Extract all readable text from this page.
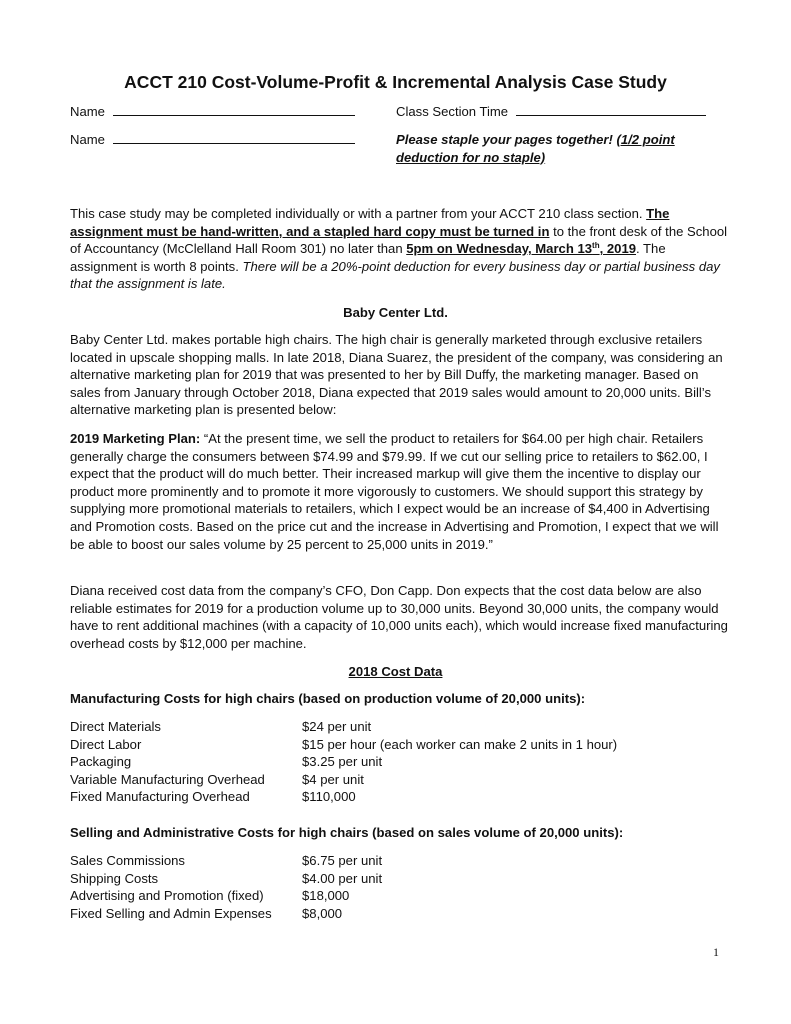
ACCT 210 Cost-Volume-Profit & Incremental Analysis Case Study
Name	Class Section Time
Name	Please staple your pages together! (1/2 point deduction for no staple)
This case study may be completed individually or with a partner from your ACCT 210 class section. The assignment must be hand-written, and a stapled hard copy must be turned in to the front desk of the School of Accountancy (McClelland Hall Room 301) no later than 5pm on Wednesday, March 13th, 2019. The assignment is worth 8 points. There will be a 20%-point deduction for every business day or partial business day that the assignment is late.
Baby Center Ltd.
Baby Center Ltd. makes portable high chairs. The high chair is generally marketed through exclusive retailers located in upscale shopping malls. In late 2018, Diana Suarez, the president of the company, was considering an alternative marketing plan for 2019 that was presented to her by Bill Duffy, the marketing manager. Based on sales from January through October 2018, Diana expected that 2019 sales would amount to 20,000 units. Bill’s alternative marketing plan is presented below:
2019 Marketing Plan: “At the present time, we sell the product to retailers for $64.00 per high chair. Retailers generally charge the consumers between $74.99 and $79.99. If we cut our selling price to retailers to $62.00, I expect that the product will do much better. Their increased markup will give them the incentive to display our product more prominently and to promote it more vigorously to customers. We should support this strategy by supplying more promotional materials to retailers, which I expect would be an increase of $4,400 in Advertising and Promotion costs. Based on the price cut and the increase in Advertising and Promotion, I expect that we will be able to boost our sales volume by 25 percent to 25,000 units in 2019.”
Diana received cost data from the company’s CFO, Don Capp. Don expects that the cost data below are also reliable estimates for 2019 for a production volume up to 30,000 units. Beyond 30,000 units, the company would have to rent additional machines (with a capacity of 10,000 units each), which would increase fixed manufacturing overhead costs by $12,000 per machine.
2018 Cost Data
Manufacturing Costs for high chairs (based on production volume of 20,000 units):
Direct Materials	$24 per unit
Direct Labor	$15 per hour (each worker can make 2 units in 1 hour)
Packaging	$3.25 per unit
Variable Manufacturing Overhead	$4 per unit
Fixed Manufacturing Overhead	$110,000
Selling and Administrative Costs for high chairs (based on sales volume of 20,000 units):
Sales Commissions	$6.75 per unit
Shipping Costs	$4.00 per unit
Advertising and Promotion (fixed)	$18,000
Fixed Selling and Admin Expenses	$8,000
1
